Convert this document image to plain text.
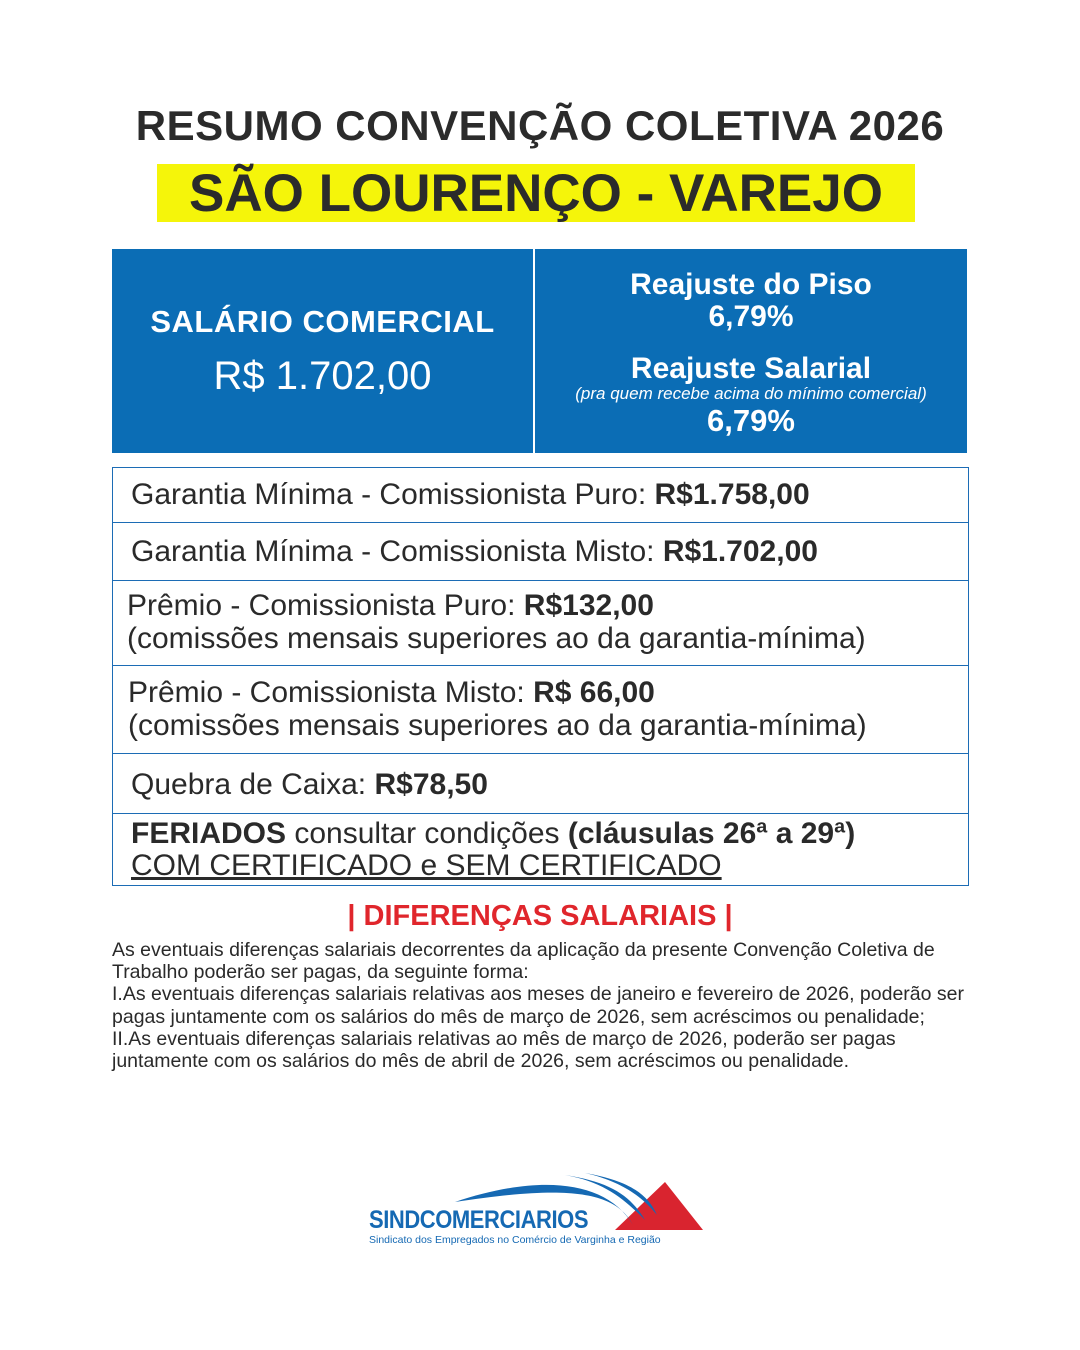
RESUMO CONVENÇÃO COLETIVA 2026
SÃO LOURENÇO - VAREJO
SALÁRIO COMERCIAL
R$ 1.702,00
Reajuste do Piso
6,79%
Reajuste Salarial
(pra quem recebe acima do mínimo comercial)
6,79%
Garantia Mínima - Comissionista Puro: R$1.758,00
Garantia Mínima - Comissionista Misto: R$1.702,00
Prêmio - Comissionista Puro: R$132,00
(comissões mensais superiores ao da garantia-mínima)
Prêmio - Comissionista Misto: R$ 66,00
(comissões mensais superiores ao da garantia-mínima)
Quebra de Caixa: R$78,50
FERIADOS consultar condições (cláusulas 26ª a 29ª)
COM CERTIFICADO e SEM CERTIFICADO
| DIFERENÇAS SALARIAIS |
As eventuais diferenças salariais decorrentes da aplicação da presente Convenção Coletiva de Trabalho poderão ser pagas, da seguinte forma:
I.As eventuais diferenças salariais relativas aos meses de janeiro e fevereiro de 2026, poderão ser pagas juntamente com os salários do mês de março de 2026, sem acréscimos ou penalidade;
II.As eventuais diferenças salariais relativas ao mês de março de 2026, poderão ser pagas juntamente com os salários do mês de abril de 2026, sem acréscimos ou penalidade.
SINDCOMERCIARIOS
Sindicato dos Empregados no Comércio de Varginha e Região
